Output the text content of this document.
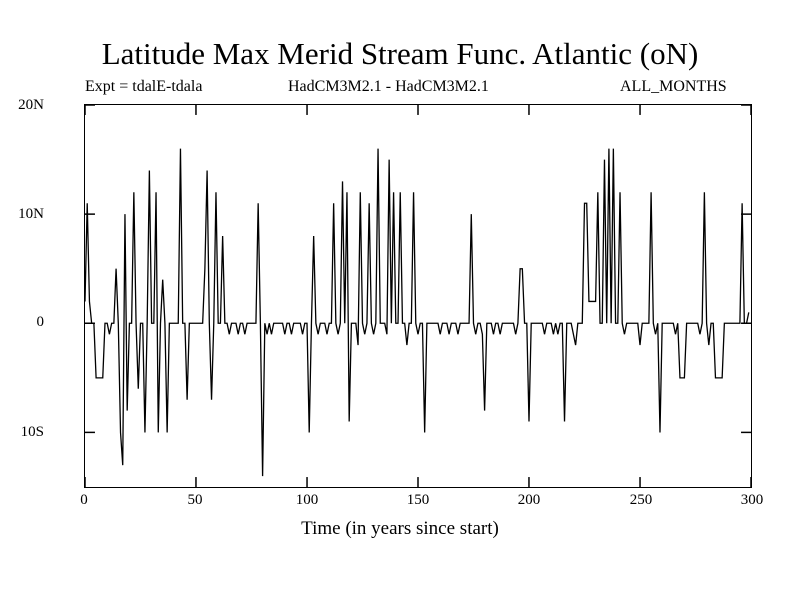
Latitude Max Merid Stream Func. Atlantic (oN)
Expt = tdalE-tdala	HadCM3M2.1 - HadCM3M2.1	ALL_MONTHS
20N
10N
0
10S
0	50	100	150	200	250	300
Time (in years since start)
